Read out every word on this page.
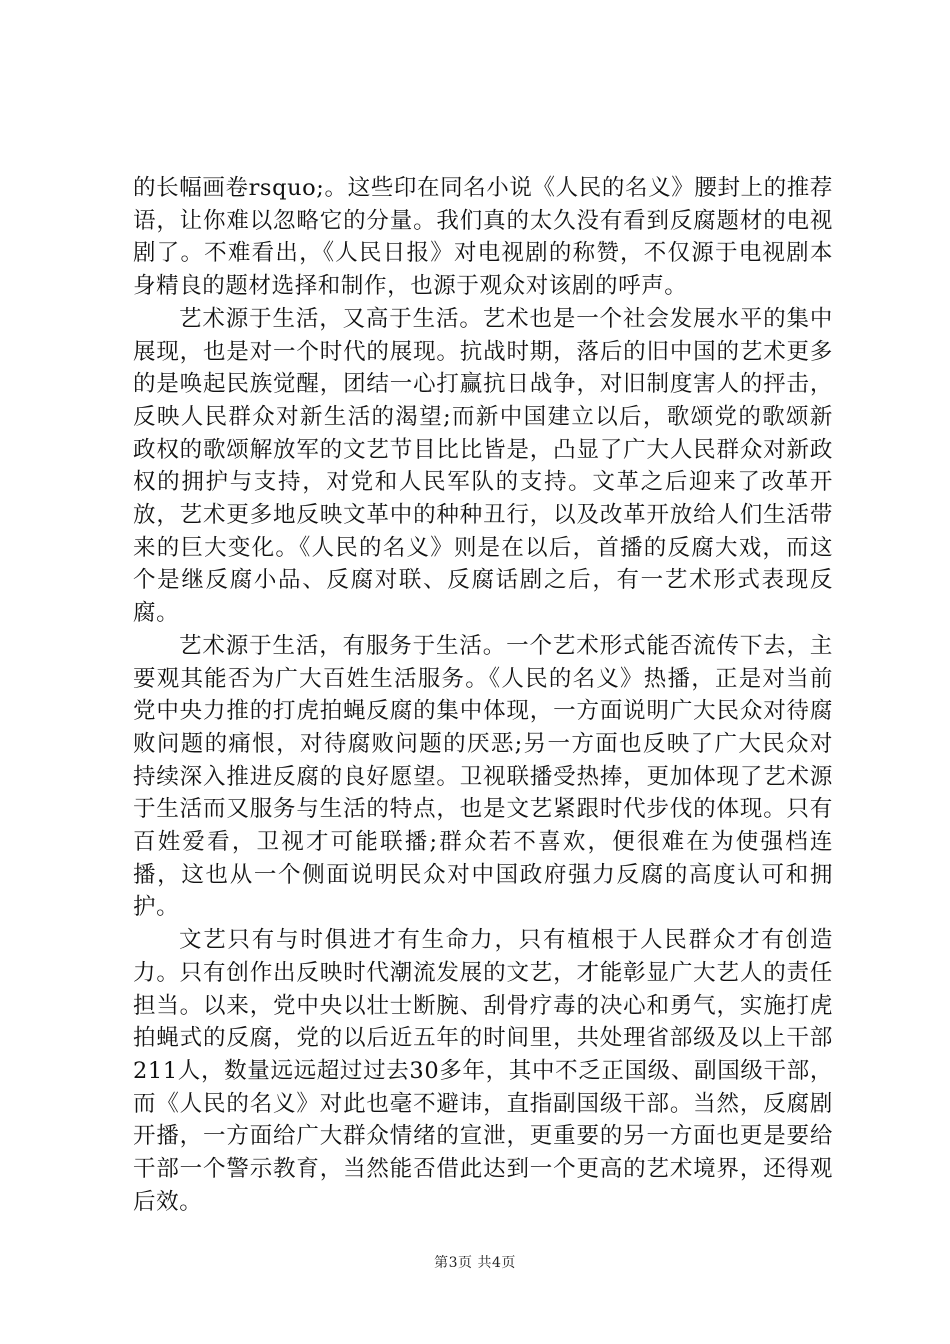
的长幅画卷rsquo;。这些印在同名小说《人民的名义》腰封上的推荐语，让你难以忽略它的分量。我们真的太久没有看到反腐题材的电视剧了。不难看出，《人民日报》对电视剧的称赞，不仅源于电视剧本身精良的题材选择和制作，也源于观众对该剧的呼声。

艺术源于生活，又高于生活。艺术也是一个社会发展水平的集中展现，也是对一个时代的展现。抗战时期，落后的旧中国的艺术更多的是唤起民族觉醒，团结一心打赢抗日战争，对旧制度害人的抨击，反映人民群众对新生活的渴望;而新中国建立以后，歌颂党的歌颂新政权的歌颂解放军的文艺节目比比皆是，凸显了广大人民群众对新政权的拥护与支持，对党和人民军队的支持。文革之后迎来了改革开放，艺术更多地反映文革中的种种丑行，以及改革开放给人们生活带来的巨大变化。《人民的名义》则是在以后，首播的反腐大戏，而这个是继反腐小品、反腐对联、反腐话剧之后，有一艺术形式表现反腐。

艺术源于生活，有服务于生活。一个艺术形式能否流传下去，主要观其能否为广大百姓生活服务。《人民的名义》热播，正是对当前党中央力推的打虎拍蝇反腐的集中体现，一方面说明广大民众对待腐败问题的痛恨，对待腐败问题的厌恶;另一方面也反映了广大民众对持续深入推进反腐的良好愿望。卫视联播受热捧，更加体现了艺术源于生活而又服务与生活的特点，也是文艺紧跟时代步伐的体现。只有百姓爱看，卫视才可能联播;群众若不喜欢，便很难在为使强档连播，这也从一个侧面说明民众对中国政府强力反腐的高度认可和拥护。

文艺只有与时俱进才有生命力，只有植根于人民群众才有创造力。只有创作出反映时代潮流发展的文艺，才能彰显广大艺人的责任担当。以来，党中央以壮士断腕、刮骨疗毒的决心和勇气，实施打虎拍蝇式的反腐，党的以后近五年的时间里，共处理省部级及以上干部211人，数量远远超过过去30多年，其中不乏正国级、副国级干部，而《人民的名义》对此也毫不避讳，直指副国级干部。当然，反腐剧开播，一方面给广大群众情绪的宣泄，更重要的另一方面也更是要给干部一个警示教育，当然能否借此达到一个更高的艺术境界，还得观后效。

第3页 共4页
